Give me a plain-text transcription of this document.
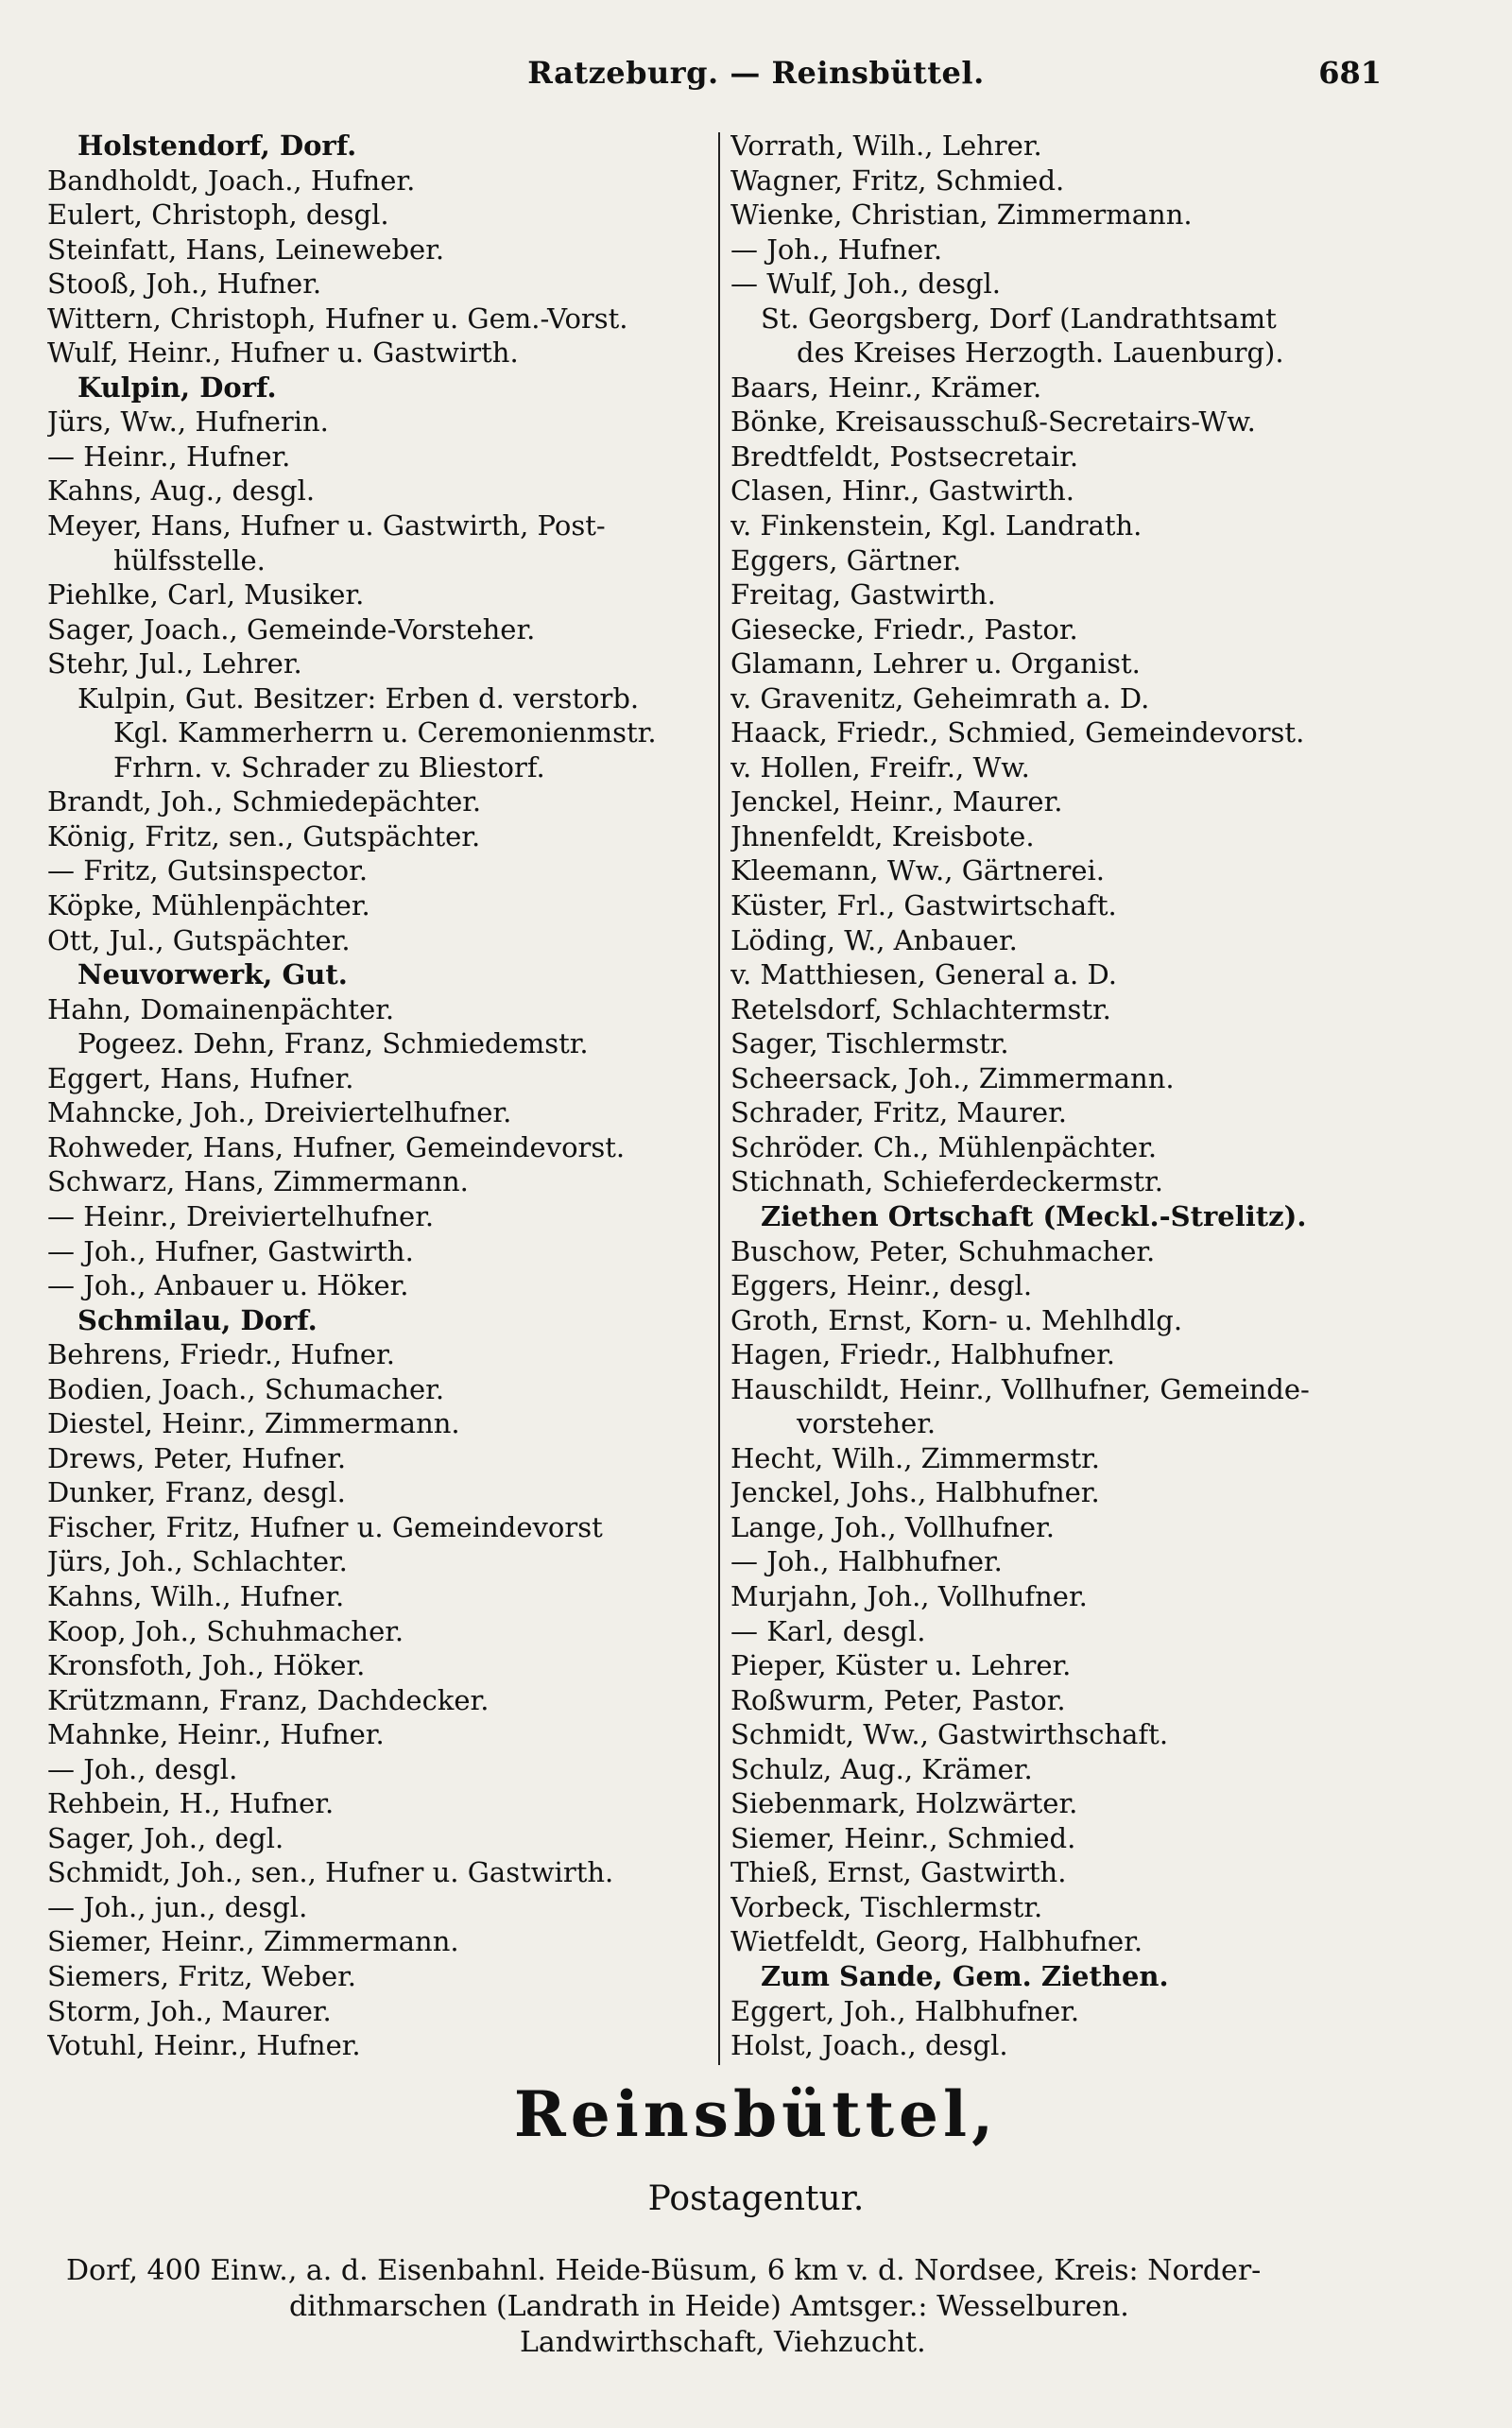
Ratzeburg. — Reinsbüttel.	681
Holstendorf, Dorf.
Bandholdt, Joach., Hufner.
Eulert, Christoph, desgl.
Steinfatt, Hans, Leineweber.
Stooß, Joh., Hufner.
Wittern, Christoph, Hufner u. Gem.-Vorst.
Wulf, Heinr., Hufner u. Gastwirth.
Kulpin, Dorf.
Jürs, Ww., Hufnerin.
— Heinr., Hufner.
Kahns, Aug., desgl.
Meyer, Hans, Hufner u. Gastwirth, Post-
hülfsstelle.
Piehlke, Carl, Musiker.
Sager, Joach., Gemeinde-Vorsteher.
Stehr, Jul., Lehrer.
Kulpin, Gut. Besitzer: Erben d. verstorb.
Kgl. Kammerherrn u. Ceremonienmstr.
Frhrn. v. Schrader zu Bliestorf.
Brandt, Joh., Schmiedepächter.
König, Fritz, sen., Gutspächter.
— Fritz, Gutsinspector.
Köpke, Mühlenpächter.
Ott, Jul., Gutspächter.
Neuvorwerk, Gut.
Hahn, Domainenpächter.
Pogeez. Dehn, Franz, Schmiedemstr.
Eggert, Hans, Hufner.
Mahncke, Joh., Dreiviertelhufner.
Rohweder, Hans, Hufner, Gemeindevorst.
Schwarz, Hans, Zimmermann.
— Heinr., Dreiviertelhufner.
— Joh., Hufner, Gastwirth.
— Joh., Anbauer u. Höker.
Schmilau, Dorf.
Behrens, Friedr., Hufner.
Bodien, Joach., Schumacher.
Diestel, Heinr., Zimmermann.
Drews, Peter, Hufner.
Dunker, Franz, desgl.
Fischer, Fritz, Hufner u. Gemeindevorst
Jürs, Joh., Schlachter.
Kahns, Wilh., Hufner.
Koop, Joh., Schuhmacher.
Kronsfoth, Joh., Höker.
Krützmann, Franz, Dachdecker.
Mahnke, Heinr., Hufner.
— Joh., desgl.
Rehbein, H., Hufner.
Sager, Joh., degl.
Schmidt, Joh., sen., Hufner u. Gastwirth.
— Joh., jun., desgl.
Siemer, Heinr., Zimmermann.
Siemers, Fritz, Weber.
Storm, Joh., Maurer.
Votuhl, Heinr., Hufner.
Vorrath, Wilh., Lehrer.
Wagner, Fritz, Schmied.
Wienke, Christian, Zimmermann.
— Joh., Hufner.
— Wulf, Joh., desgl.
St. Georgsberg, Dorf (Landrathtsamt
des Kreises Herzogth. Lauenburg).
Baars, Heinr., Krämer.
Bönke, Kreisausschuß-Secretairs-Ww.
Bredtfeldt, Postsecretair.
Clasen, Hinr., Gastwirth.
v. Finkenstein, Kgl. Landrath.
Eggers, Gärtner.
Freitag, Gastwirth.
Giesecke, Friedr., Pastor.
Glamann, Lehrer u. Organist.
v. Gravenitz, Geheimrath a. D.
Haack, Friedr., Schmied, Gemeindevorst.
v. Hollen, Freifr., Ww.
Jenckel, Heinr., Maurer.
Jhnenfeldt, Kreisbote.
Kleemann, Ww., Gärtnerei.
Küster, Frl., Gastwirtschaft.
Löding, W., Anbauer.
v. Matthiesen, General a. D.
Retelsdorf, Schlachtermstr.
Sager, Tischlermstr.
Scheersack, Joh., Zimmermann.
Schrader, Fritz, Maurer.
Schröder. Ch., Mühlenpächter.
Stichnath, Schieferdeckermstr.
Ziethen Ortschaft (Meckl.-Strelitz).
Buschow, Peter, Schuhmacher.
Eggers, Heinr., desgl.
Groth, Ernst, Korn- u. Mehlhdlg.
Hagen, Friedr., Halbhufner.
Hauschildt, Heinr., Vollhufner, Gemeinde-
vorsteher.
Hecht, Wilh., Zimmermstr.
Jenckel, Johs., Halbhufner.
Lange, Joh., Vollhufner.
— Joh., Halbhufner.
Murjahn, Joh., Vollhufner.
— Karl, desgl.
Pieper, Küster u. Lehrer.
Roßwurm, Peter, Pastor.
Schmidt, Ww., Gastwirthschaft.
Schulz, Aug., Krämer.
Siebenmark, Holzwärter.
Siemer, Heinr., Schmied.
Thieß, Ernst, Gastwirth.
Vorbeck, Tischlermstr.
Wietfeldt, Georg, Halbhufner.
Zum Sande, Gem. Ziethen.
Eggert, Joh., Halbhufner.
Holst, Joach., desgl.
Reinsbüttel,
Postagentur.
Dorf, 400 Einw., a. d. Eisenbahnl. Heide-Büsum, 6 km v. d. Nordsee, Kreis: Norder-
dithmarschen (Landrath in Heide) Amtsger.: Wesselburen.
Landwirthschaft, Viehzucht.
